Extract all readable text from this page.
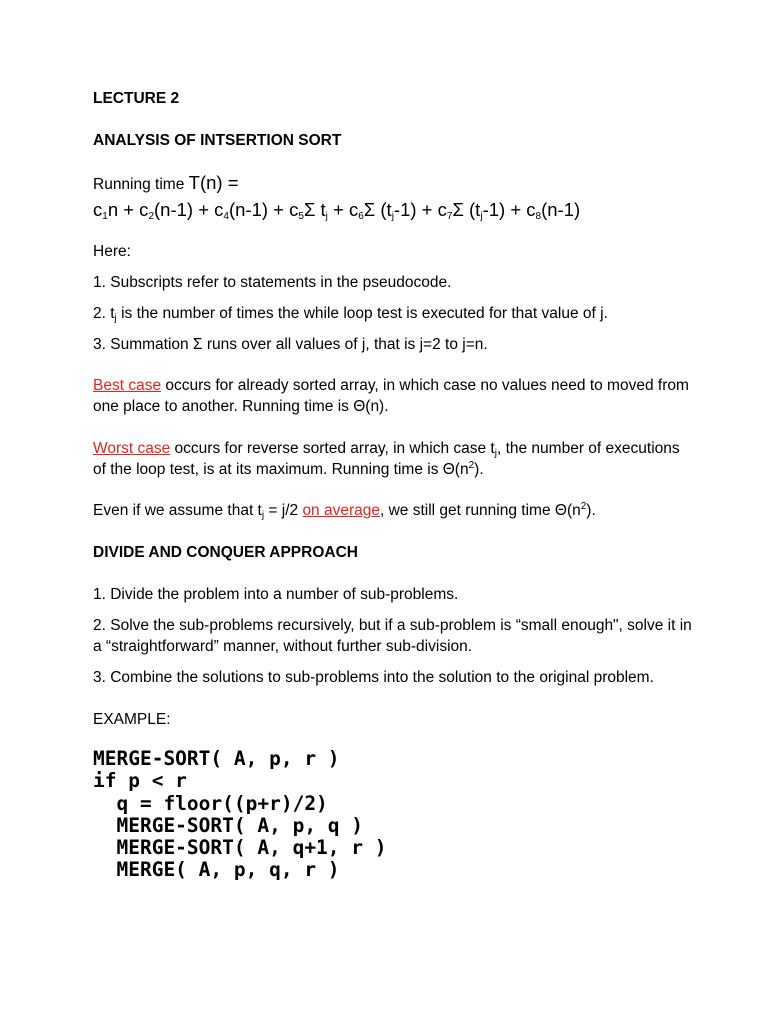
LECTURE 2

ANALYSIS OF INTSERTION SORT

Running time T(n) =

$c_1n + c_2(n-1) + c_4(n-1) + c_5\Sigma$ $t_j + c_6\Sigma$ $(t_j-1) + c_7\Sigma$ $(t_j-1) + c_8(n-1)$

Here:

1. Subscripts refer to statements in the pseudocode.

2. $t_j$ is the number of times the while loop test is executed for that value of j.

3. Summation Σ runs over all values of j, that is j=2 to j=n.

Best case occurs for already sorted array, in which case no values need to moved from one place to another. Running time is Θ(n).

Worst case occurs for reverse sorted array, in which case $t_j$, the number of executions of the loop test, is at its maximum. Running time is $\Theta(n^2)$.

Even if we assume that $t_j = j/2$ on average, we still get running time $\Theta(n^2)$.

DIVIDE AND CONQUER APPROACH

1. Divide the problem into a number of sub-problems.

2. Solve the sub-problems recursively, but if a sub-problem is “small enough", solve it in a “straightforward” manner, without further sub-division.

3. Combine the solutions to sub-problems into the solution to the original problem.

EXAMPLE:

MERGE-SORT( A, p, r )

if p < r

q = floor((p+r)/2)

MERGE-SORT( A, p, q )

MERGE-SORT( A, q+1, r )

MERGE( A, p, q, r )
